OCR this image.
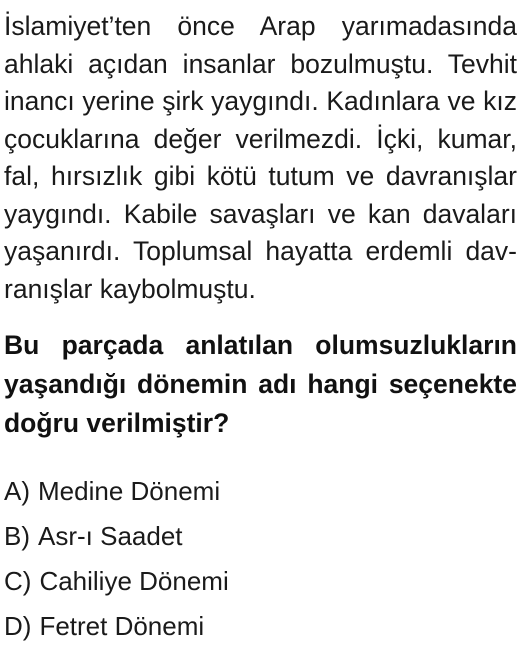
İslamiyet’ten önce Arap yarımadasında
ahlaki açıdan insanlar bozulmuştu. Tevhit
inancı yerine şirk yaygındı. Kadınlara ve kız
çocuklarına değer verilmezdi. İçki, kumar,
fal, hırsızlık gibi kötü tutum ve davranışlar
yaygındı. Kabile savaşları ve kan davaları
yaşanırdı. Toplumsal hayatta erdemli dav-
ranışlar kaybolmuştu.
Bu parçada anlatılan olumsuzlukların
yaşandığı dönemin adı hangi seçenekte
doğru verilmiştir?
A) Medine Dönemi
B) Asr-ı Saadet
C) Cahiliye Dönemi
D) Fetret Dönemi
